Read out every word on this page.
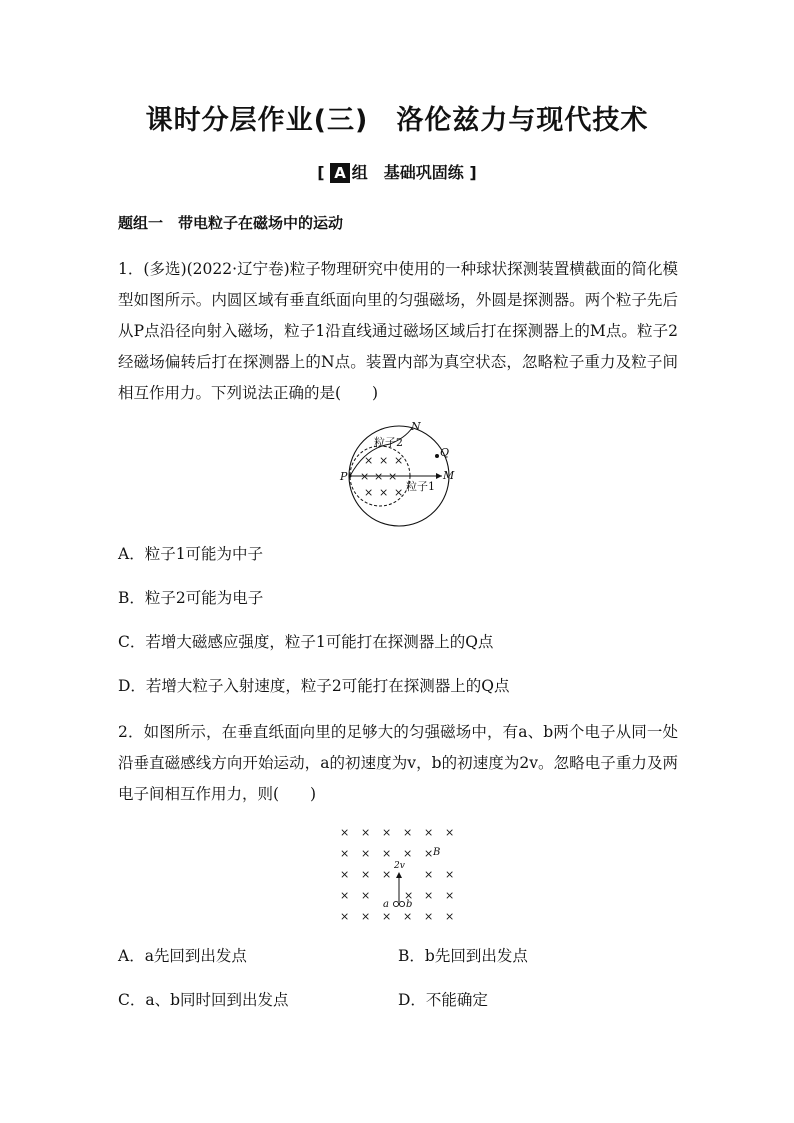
课时分层作业(三)　洛伦兹力与现代技术
[ A 组　基础巩固练 ]
题组一　带电粒子在磁场中的运动
1．(多选)(2022·辽宁卷)粒子物理研究中使用的一种球状探测装置横截面的简化模型如图所示。内圆区域有垂直纸面向里的匀强磁场，外圆是探测器。两个粒子先后从P点沿径向射入磁场，粒子1沿直线通过磁场区域后打在探测器上的M点。粒子2经磁场偏转后打在探测器上的N点。装置内部为真空状态，忽略粒子重力及粒子间相互作用力。下列说法正确的是(　　)
× × ×
× × ×
× × ×
粒子2
粒子1
N
Q
M
P
A．粒子1可能为中子
B．粒子2可能为电子
C．若增大磁感应强度，粒子1可能打在探测器上的Q点
D．若增大粒子入射速度，粒子2可能打在探测器上的Q点
2．如图所示，在垂直纸面向里的足够大的匀强磁场中，有a、b两个电子从同一处沿垂直磁感线方向开始运动，a的初速度为v，b的初速度为2v。忽略电子重力及两电子间相互作用力，则(　　)
× × × × × ×
× × × × ×
× × ×	× ×
× ×	× ×
× × × × × ×
×
B
2v
a b
A．a先回到出发点	B．b先回到出发点
C．a、b同时回到出发点	D．不能确定
